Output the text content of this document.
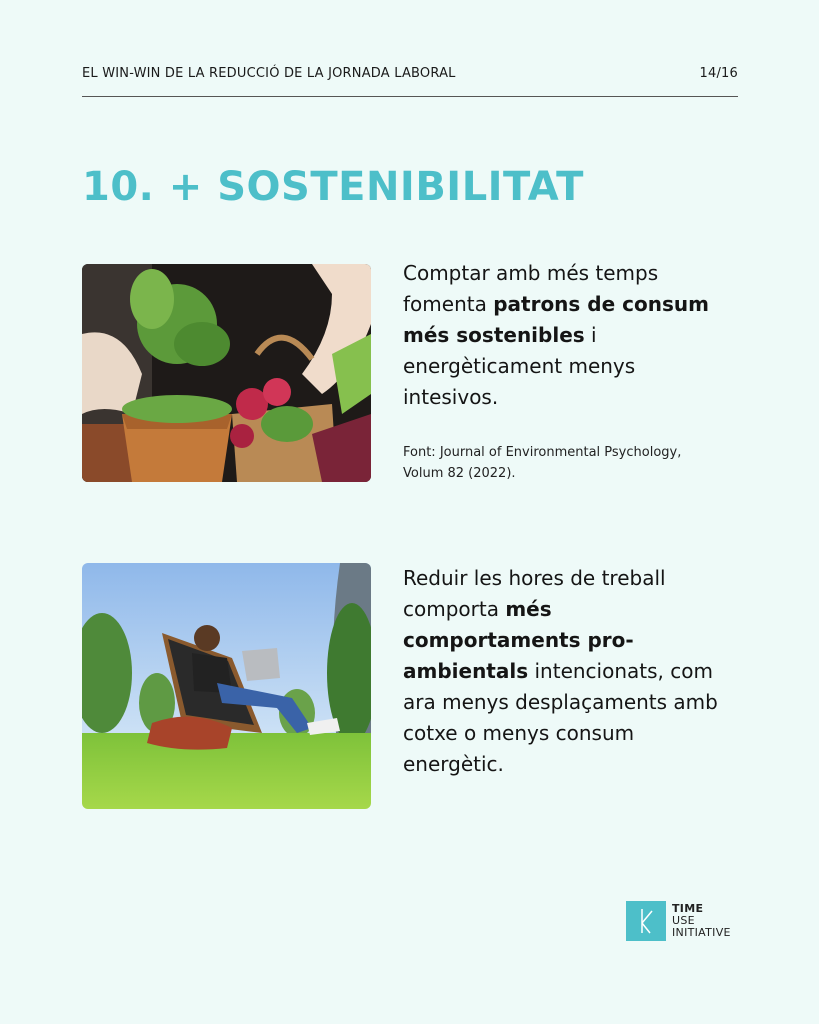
EL WIN-WIN DE LA REDUCCIÓ DE LA JORNADA LABORAL	14/16
10. + SOSTENIBILITAT

Comptar amb més temps fomenta patrons de consum més sostenibles i energèticament menys intesivos.

Font: Journal of Environmental Psychology, Volum 82 (2022).

Reduir les hores de treball comporta més comportaments pro-ambientals intencionats, com ara menys desplaçaments amb cotxe o menys consum energètic.

TIME
USE
INITIATIVE
